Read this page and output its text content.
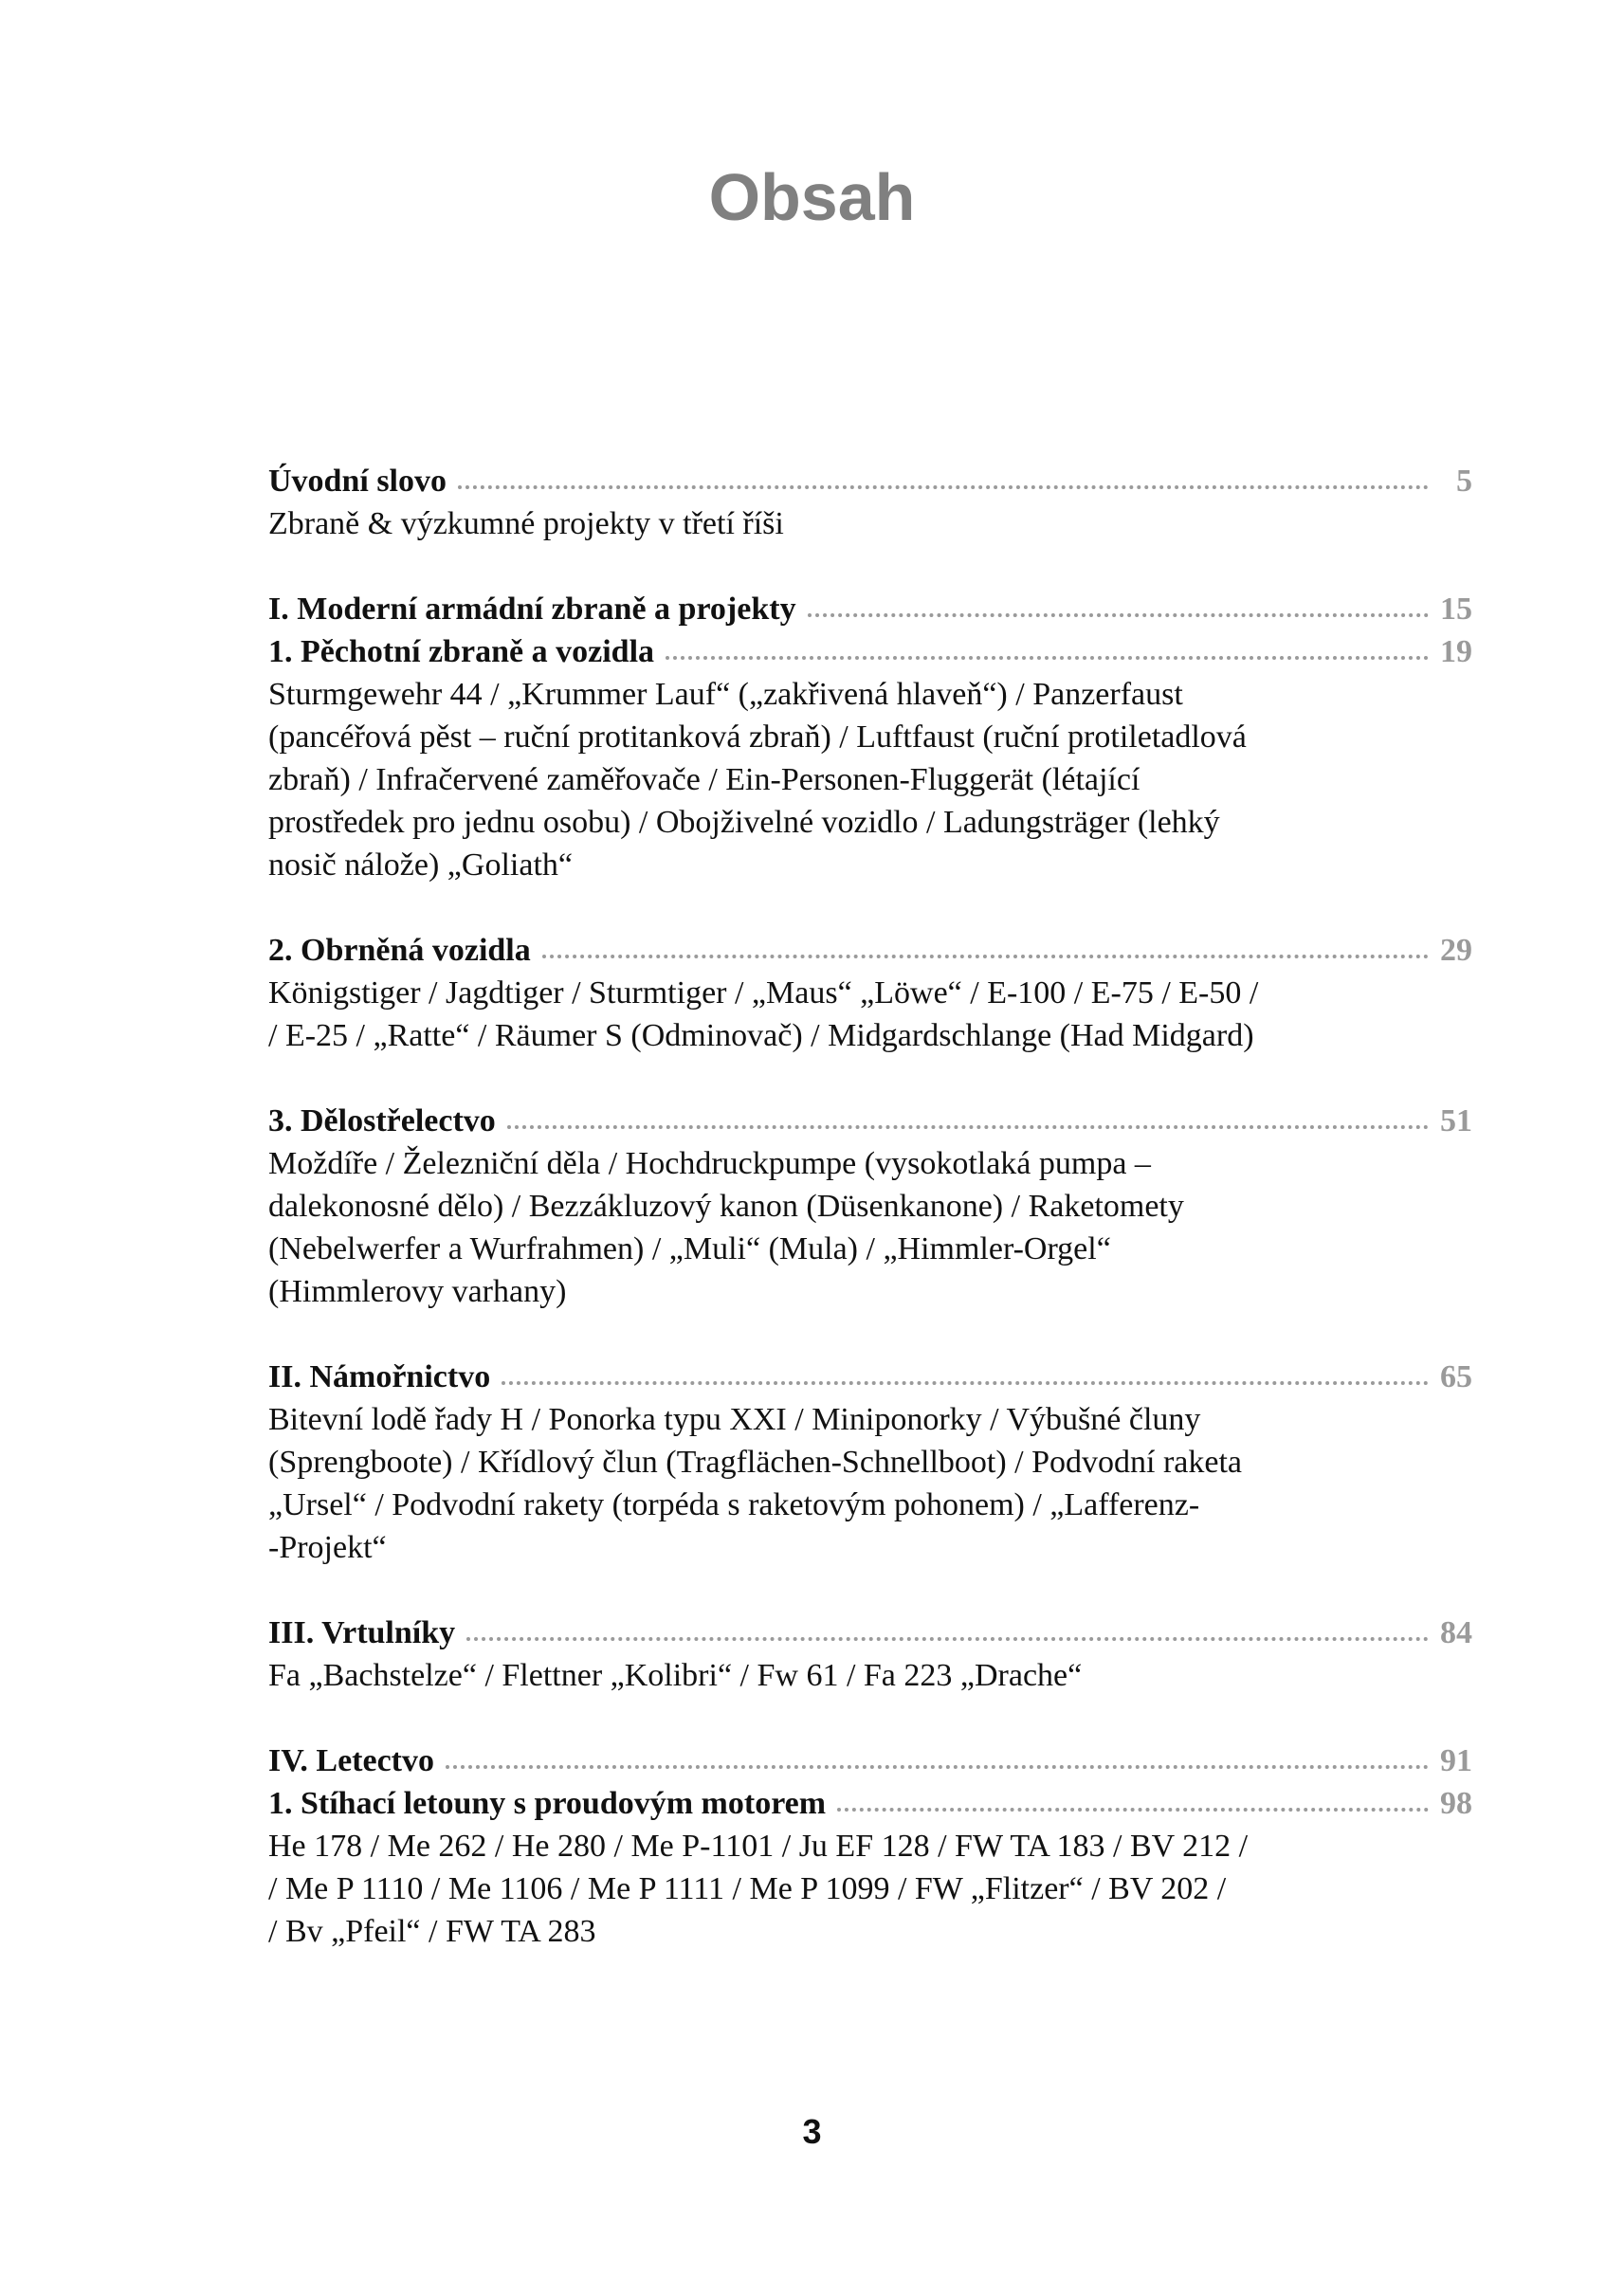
Obsah
Úvodní slovo	5
Zbraně & výzkumné projekty v třetí říši
I. Moderní armádní zbraně a projekty	15
1. Pěchotní zbraně a vozidla	19
Sturmgewehr 44 / „Krummer Lauf“ („zakřivená hlaveň“) / Panzerfaust
(pancéřová pěst – ruční protitanková zbraň) / Luftfaust (ruční protiletadlová
zbraň) / Infračervené zaměřovače / Ein-Personen-Fluggerät (létající
prostředek pro jednu osobu) / Obojživelné vozidlo / Ladungsträger (lehký
nosič nálože) „Goliath“
2. Obrněná vozidla	29
Königstiger / Jagdtiger / Sturmtiger / „Maus“ „Löwe“ / E-100 / E-75 / E-50 /
/ E-25 / „Ratte“ / Räumer S (Odminovač) / Midgardschlange (Had Midgard)
3. Dělostřelectvo	51
Moždíře / Železniční děla / Hochdruckpumpe (vysokotlaká pumpa –
dalekonosné dělo) / Bezzákluzový kanon (Düsenkanone) / Raketomety
(Nebelwerfer a Wurfrahmen) / „Muli“ (Mula) / „Himmler-Orgel“
(Himmlerovy varhany)
II. Námořnictvo	65
Bitevní lodě řady H / Ponorka typu XXI / Miniponorky / Výbušné čluny
(Sprengboote) / Křídlový člun (Tragflächen-Schnellboot) / Podvodní raketa
„Ursel“ / Podvodní rakety (torpéda s raketovým pohonem) / „Lafferenz-
-Projekt“
III. Vrtulníky	84
Fa „Bachstelze“ / Flettner „Kolibri“ / Fw 61 / Fa 223 „Drache“
IV. Letectvo	91
1. Stíhací letouny s proudovým motorem	98
He 178 / Me 262 / He 280 / Me P-1101 / Ju EF 128 / FW TA 183 / BV 212 /
/ Me P 1110 / Me 1106 / Me P 1111 / Me P 1099 / FW „Flitzer“ / BV 202 /
/ Bv „Pfeil“ / FW TA 283
3
